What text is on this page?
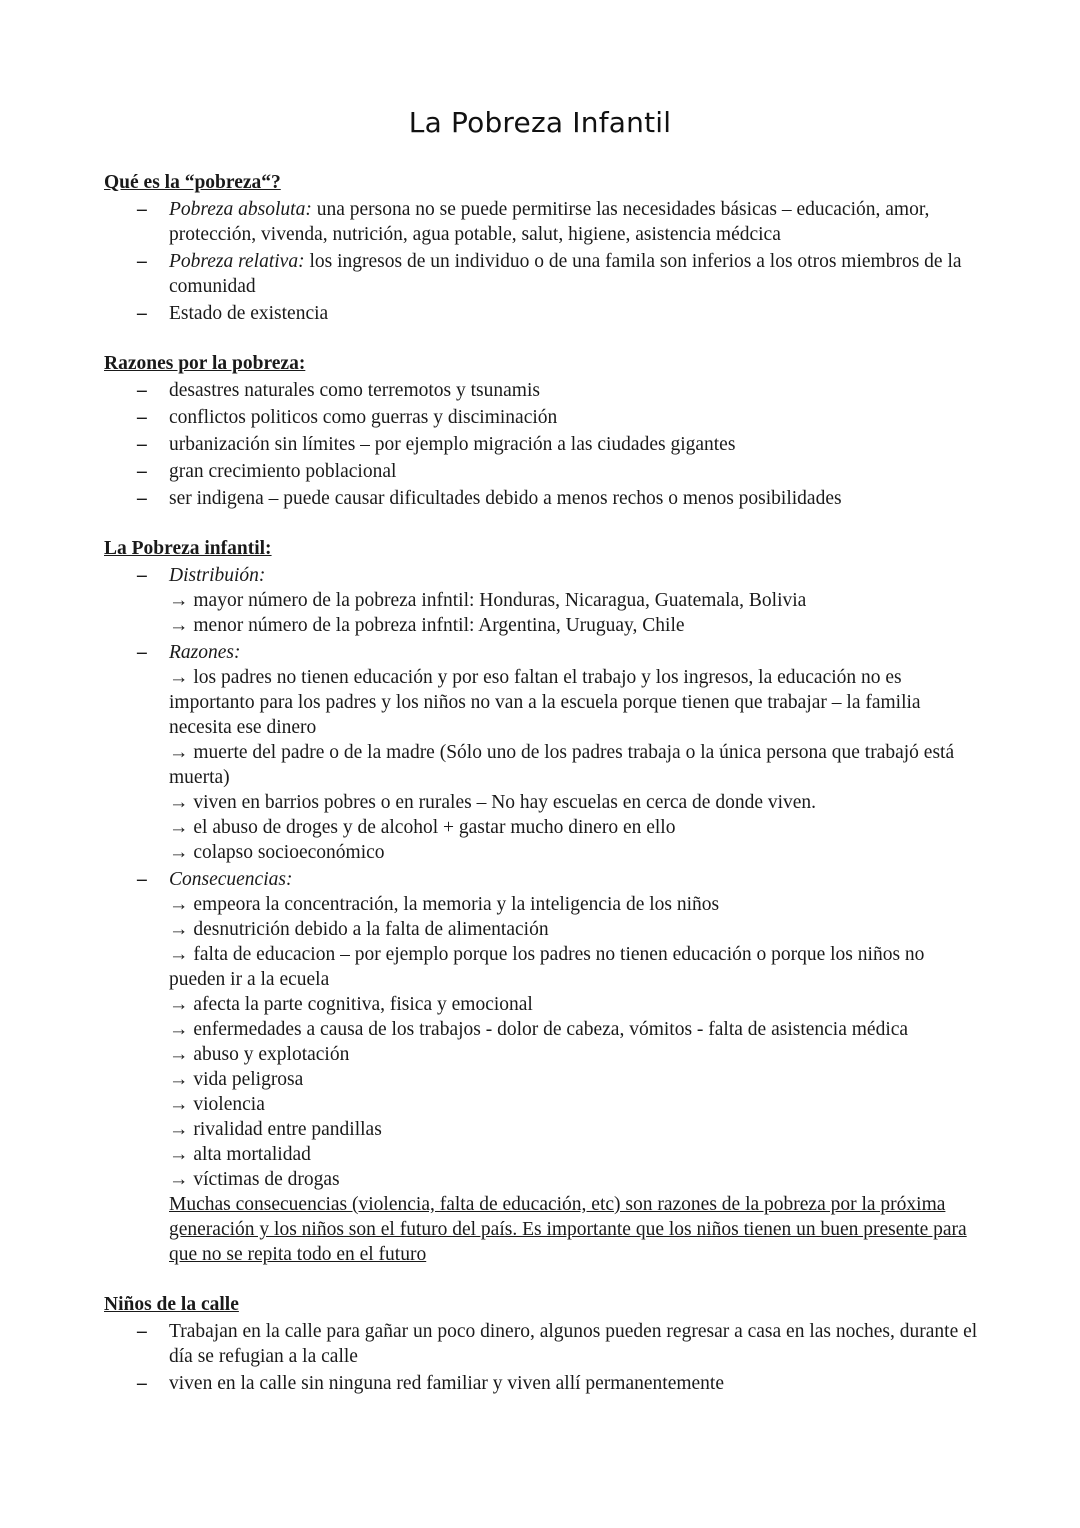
La Pobreza Infantil

Qué es la “pobreza“?

– Pobreza absoluta: una persona no se puede permitirse las necesidades básicas – educación, amor, protección, vivenda, nutrición, agua potable, salut, higiene, asistencia médcica
– Pobreza relativa: los ingresos de un individuo o de una famila son inferios a los otros miembros de la comunidad
– Estado de existencia

Razones por la pobreza:

– desastres naturales como terremotos y tsunamis
– conflictos politicos como guerras y disciminación
– urbanización sin límites – por ejemplo migración a las ciudades gigantes
– gran crecimiento poblacional
– ser indigena – puede causar dificultades debido a menos rechos o menos posibilidades

La Pobreza infantil:

– Distribuión:
→ mayor número de la pobreza infntil: Honduras, Nicaragua, Guatemala, Bolivia
→ menor número de la pobreza infntil: Argentina, Uruguay, Chile
– Razones:
→ los padres no tienen educación y por eso faltan el trabajo y los ingresos, la educación no es importanto para los padres y los niños no van a la escuela porque tienen que trabajar – la familia necesita ese dinero
→ muerte del padre o de la madre (Sólo uno de los padres trabaja o la única persona que trabajó está muerta)
→ viven en barrios pobres o en rurales – No hay escuelas en cerca de donde viven.
→ el abuso de droges y de alcohol + gastar mucho dinero en ello
→ colapso socioeconómico
– Consecuencias:
→ empeora la concentración, la memoria y la inteligencia de los niños
→ desnutrición debido a la falta de alimentación
→ falta de educacion – por ejemplo porque los padres no tienen educación o porque los niños no pueden ir a la ecuela
→ afecta la parte cognitiva, fisica y emocional
→ enfermedades a causa de los trabajos - dolor de cabeza, vómitos - falta de asistencia médica
→ abuso y explotación
→ vida peligrosa
→ violencia
→ rivalidad entre pandillas
→ alta mortalidad
→ víctimas de drogas
Muchas consecuencias (violencia, falta de educación, etc) son razones de la pobreza por la próxima generación y los niños son el futuro del país. Es importante que los niños tienen un buen presente para que no se repita todo en el futuro

Niños de la calle

– Trabajan en la calle para gañar un poco dinero, algunos pueden regresar a casa en las noches, durante el día se refugian a la calle
– viven en la calle sin ninguna red familiar y viven allí permanentemente
